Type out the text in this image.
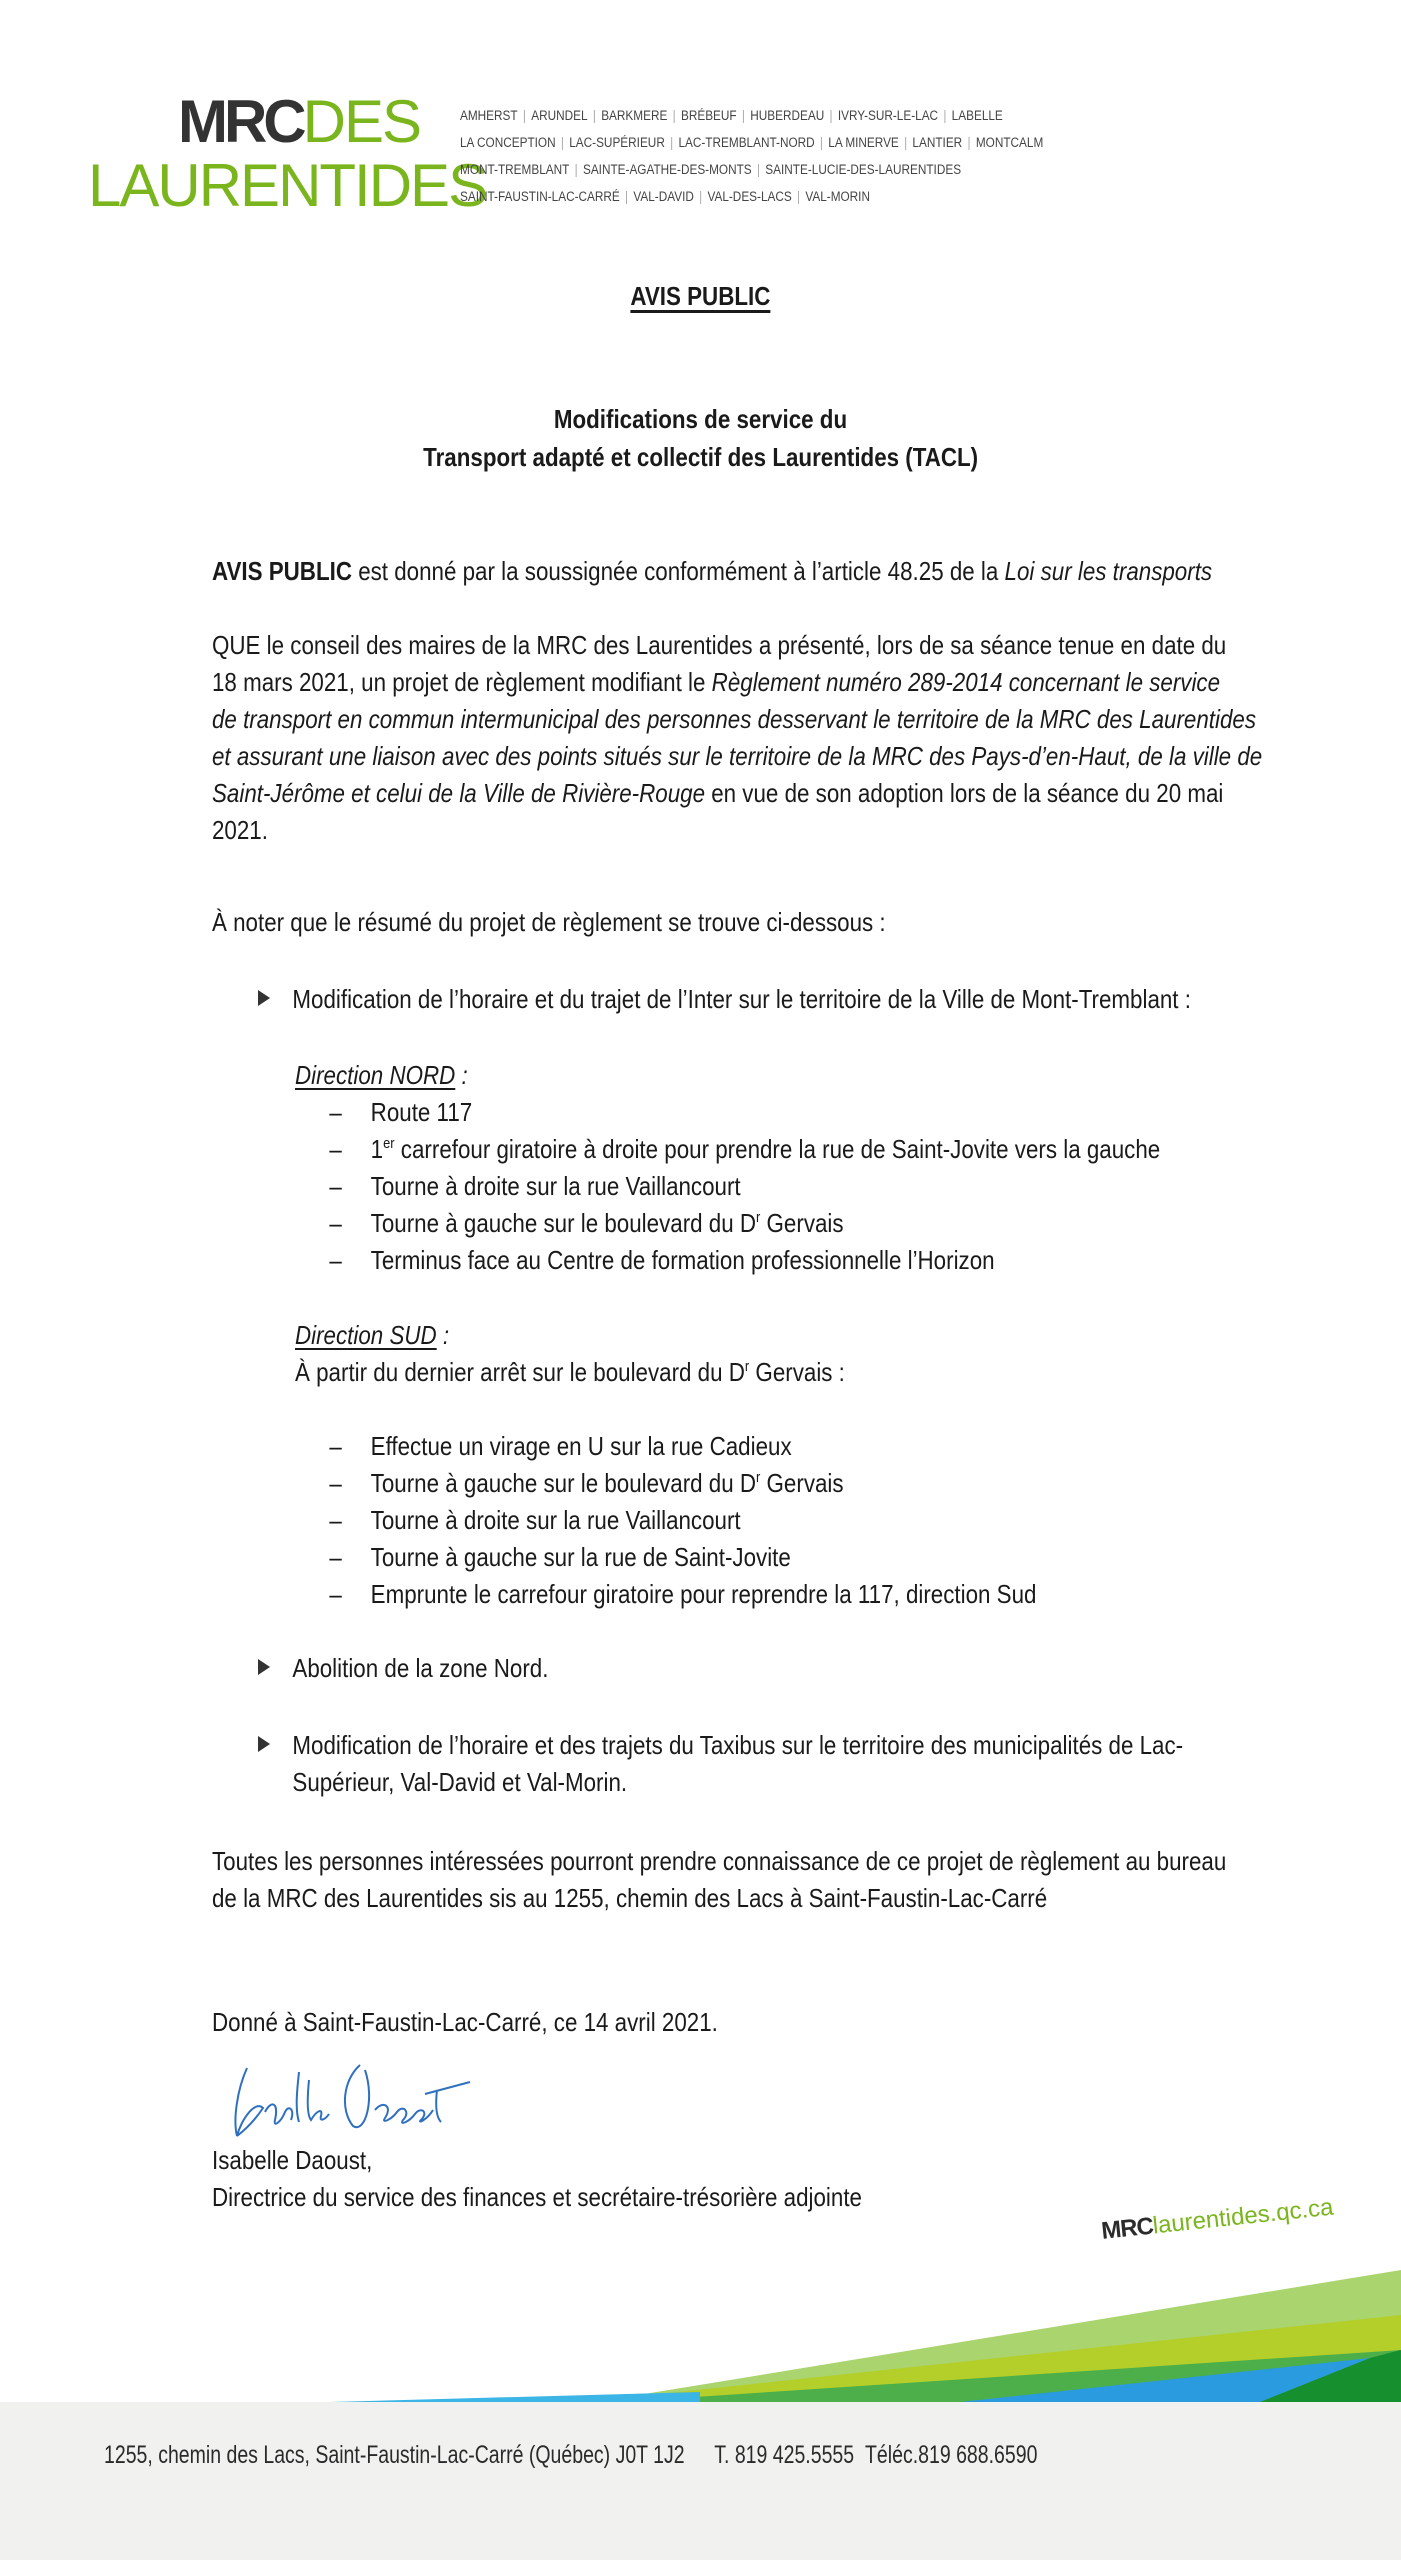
MRCDES
LAURENTIDES
AMHERST | ARUNDEL | BARKMERE | BRÉBEUF | HUBERDEAU | IVRY-SUR-LE-LAC | LABELLE
LA CONCEPTION | LAC-SUPÉRIEUR | LAC-TREMBLANT-NORD | LA MINERVE | LANTIER | MONTCALM
MONT-TREMBLANT | SAINTE-AGATHE-DES-MONTS | SAINTE-LUCIE-DES-LAURENTIDES
SAINT-FAUSTIN-LAC-CARRÉ | VAL-DAVID | VAL-DES-LACS | VAL-MORIN
AVIS PUBLIC
Modifications de service du
Transport adapté et collectif des Laurentides (TACL)
AVIS PUBLIC est donné par la soussignée conformément à l’article 48.25 de la Loi sur les transports
QUE le conseil des maires de la MRC des Laurentides a présenté, lors de sa séance tenue en date du
18 mars 2021, un projet de règlement modifiant le Règlement numéro 289-2014 concernant le service
de transport en commun intermunicipal des personnes desservant le territoire de la MRC des Laurentides
et assurant une liaison avec des points situés sur le territoire de la MRC des Pays-d’en-Haut, de la ville de
Saint-Jérôme et celui de la Ville de Rivière-Rouge en vue de son adoption lors de la séance du 20 mai
2021.
À noter que le résumé du projet de règlement se trouve ci-dessous :
Modification de l’horaire et du trajet de l’Inter sur le territoire de la Ville de Mont-Tremblant :
Direction NORD :
– Route 117
– 1er carrefour giratoire à droite pour prendre la rue de Saint-Jovite vers la gauche
– Tourne à droite sur la rue Vaillancourt
– Tourne à gauche sur le boulevard du $D^r$ Gervais
– Terminus face au Centre de formation professionnelle l’Horizon
Direction SUD :
À partir du dernier arrêt sur le boulevard du $D^r$ Gervais :
– Effectue un virage en U sur la rue Cadieux
– Tourne à gauche sur le boulevard du $D^r$ Gervais
– Tourne à droite sur la rue Vaillancourt
– Tourne à gauche sur la rue de Saint-Jovite
– Emprunte le carrefour giratoire pour reprendre la 117, direction Sud
Abolition de la zone Nord.
Modification de l’horaire et des trajets du Taxibus sur le territoire des municipalités de Lac-
Supérieur, Val-David et Val-Morin.
Toutes les personnes intéressées pourront prendre connaissance de ce projet de règlement au bureau
de la MRC des Laurentides sis au 1255, chemin des Lacs à Saint-Faustin-Lac-Carré
Donné à Saint-Faustin-Lac-Carré, ce 14 avril 2021.
Isabelle Daoust,
Directrice du service des finances et secrétaire-trésorière adjointe
MRClaurentides.qc.ca
1255, chemin des Lacs, Saint-Faustin-Lac-Carré (Québec) J0T 1J2 T. 819 425.5555 Téléc.819 688.6590
